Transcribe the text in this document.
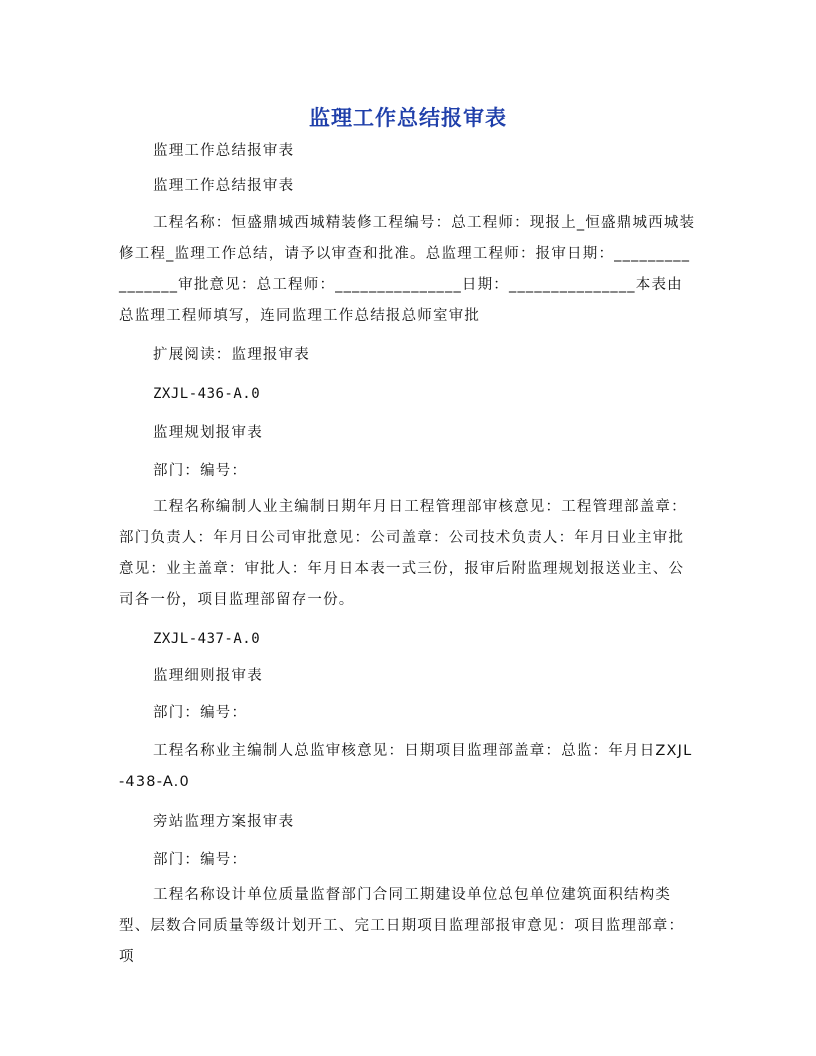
监理工作总结报审表
监理工作总结报审表
监理工作总结报审表

工程名称：恒盛鼎城西城精装修工程编号：总工程师：现报上_恒盛鼎城西城装修工程_监理工作总结，请予以审查和批准。总监理工程师：报审日期：________________审批意见：总工程师：_______________日期：_______________本表由总监理工程师填写，连同监理工作总结报总师室审批

扩展阅读：监理报审表
ZXJL-436-A.0
监理规划报审表
部门：编号：

工程名称编制人业主编制日期年月日工程管理部审核意见：工程管理部盖章：部门负责人：年月日公司审批意见：公司盖章：公司技术负责人：年月日业主审批意见：业主盖章：审批人：年月日本表一式三份，报审后附监理规划报送业主、公司各一份，项目监理部留存一份。

ZXJL-437-A.0
监理细则报审表
部门：编号：

工程名称业主编制人总监审核意见：日期项目监理部盖章：总监：年月日ZXJL-438-A.0

旁站监理方案报审表
部门：编号：

工程名称设计单位质量监督部门合同工期建设单位总包单位建筑面积结构类型、层数合同质量等级计划开工、完工日期项目监理部报审意见：项目监理部章：项
